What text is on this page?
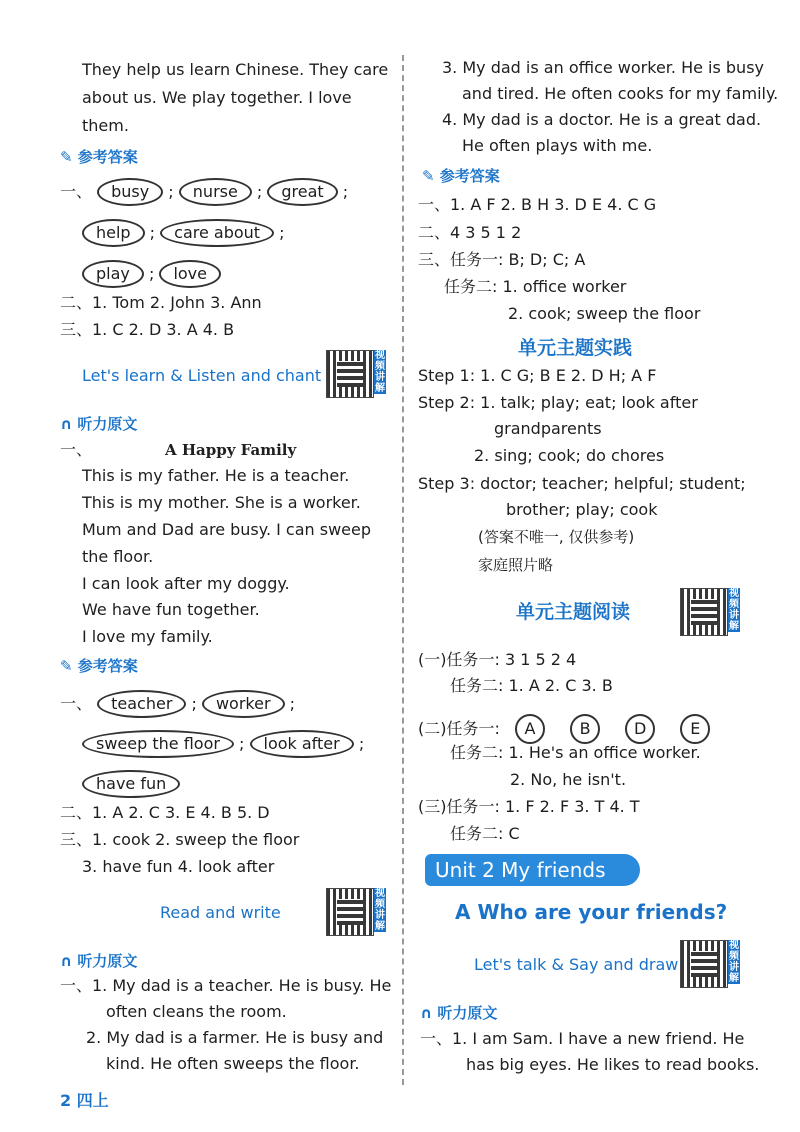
They help us learn Chinese. They care
about us. We play together. I love
them.
✎ 参考答案
一、 busy ; nurse ; great ;
help ; care about ;
play ; love
二、1. Tom 2. John 3. Ann
三、1. C 2. D 3. A 4. B
Let's learn & Listen and chant
视频讲解
∩ 听力原文
一、	A Happy Family
This is my father. He is a teacher.
This is my mother. She is a worker.
Mum and Dad are busy. I can sweep
the floor.
I can look after my doggy.
We have fun together.
I love my family.
✎ 参考答案
一、 teacher ; worker ;
sweep the floor ; look after ;
have fun
二、1. A 2. C 3. E 4. B 5. D
三、1. cook 2. sweep the floor
3. have fun 4. look after
Read and write
视频讲解
∩ 听力原文
一、1. My dad is a teacher. He is busy. He
often cleans the room.
2. My dad is a farmer. He is busy and
kind. He often sweeps the floor.
3. My dad is an office worker. He is busy
and tired. He often cooks for my family.
4. My dad is a doctor. He is a great dad.
He often plays with me.
✎ 参考答案
一、1. A F 2. B H 3. D E 4. C G
二、4 3 5 1 2
三、任务一: B; D; C; A
任务二: 1. office worker
2. cook; sweep the floor
单元主题实践
Step 1: 1. C G; B E 2. D H; A F
Step 2: 1. talk; play; eat; look after
grandparents
2. sing; cook; do chores
Step 3: doctor; teacher; helpful; student;
brother; play; cook
(答案不唯一, 仅供参考)
家庭照片略
单元主题阅读
视频讲解
(一)任务一: 3 1 5 2 4
任务二: 1. A 2. C 3. B
(二)任务一: A	B	D	E
任务二: 1. He's an office worker.
2. No, he isn't.
(三)任务一: 1. F 2. F 3. T 4. T
任务二: C
Unit 2 My friends
A Who are your friends?
Let's talk & Say and draw
视频讲解
∩ 听力原文
一、1. I am Sam. I have a new friend. He
has big eyes. He likes to read books.
2 四上
